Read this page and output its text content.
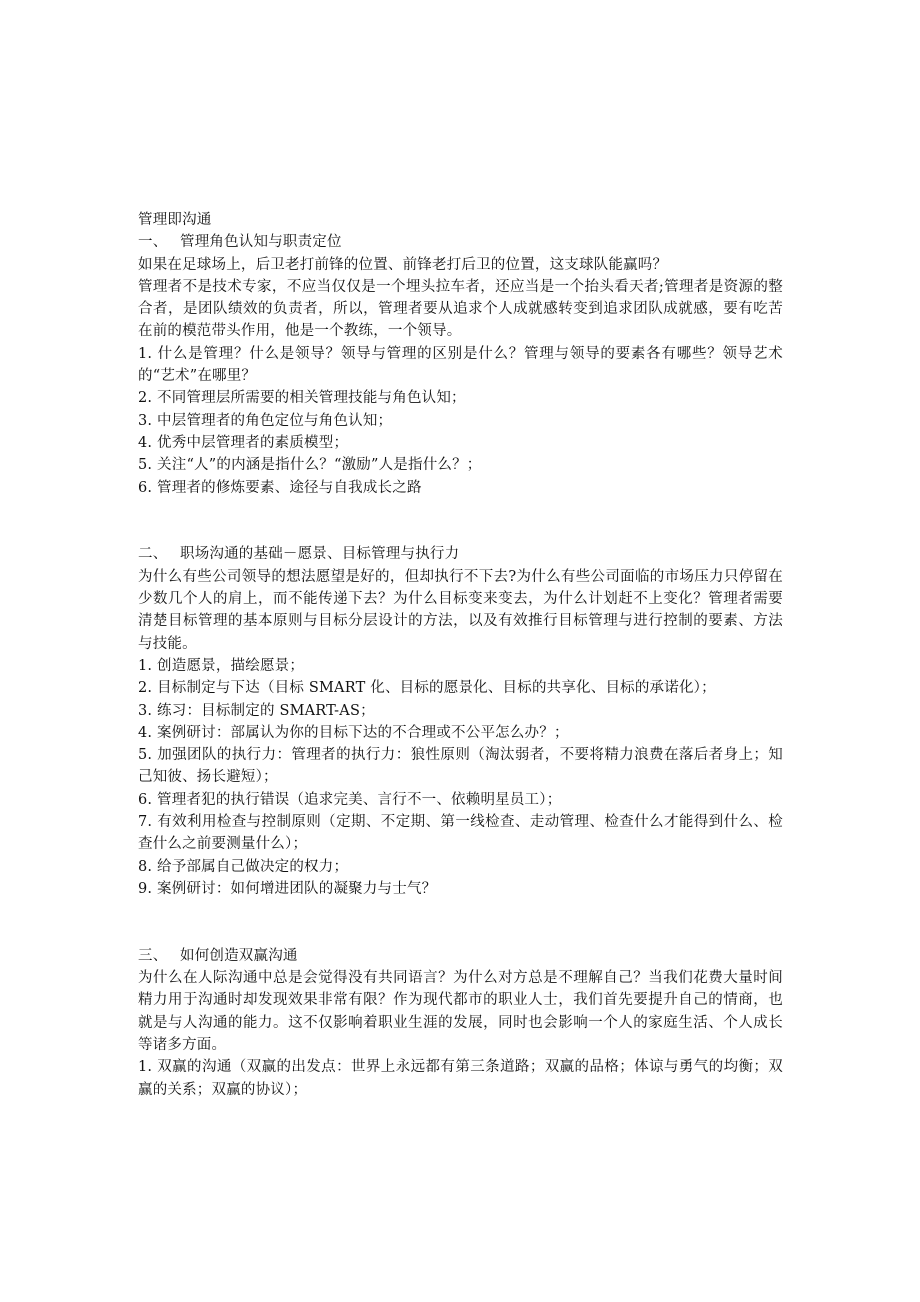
管理即沟通

一、 管理角色认知与职责定位

如果在足球场上，后卫老打前锋的位置、前锋老打后卫的位置，这支球队能赢吗？

管理者不是技术专家，不应当仅仅是一个埋头拉车者，还应当是一个抬头看天者;管理者是资源的整合者，是团队绩效的负责者，所以，管理者要从追求个人成就感转变到追求团队成就感，要有吃苦在前的模范带头作用，他是一个教练，一个领导。

1. 什么是管理？什么是领导？领导与管理的区别是什么？管理与领导的要素各有哪些？领导艺术的“艺术”在哪里？

2. 不同管理层所需要的相关管理技能与角色认知；

3. 中层管理者的角色定位与角色认知；

4. 优秀中层管理者的素质模型；

5. 关注“人”的内涵是指什么？“激励”人是指什么？；

6. 管理者的修炼要素、途径与自我成长之路

二、 职场沟通的基础－愿景、目标管理与执行力

为什么有些公司领导的想法愿望是好的，但却执行不下去?为什么有些公司面临的市场压力只停留在少数几个人的肩上，而不能传递下去？为什么目标变来变去，为什么计划赶不上变化？管理者需要清楚目标管理的基本原则与目标分层设计的方法，以及有效推行目标管理与进行控制的要素、方法与技能。

1. 创造愿景，描绘愿景；

2. 目标制定与下达（目标 SMART 化、目标的愿景化、目标的共享化、目标的承诺化）；

3. 练习：目标制定的 SMART-AS；

4. 案例研讨：部属认为你的目标下达的不合理或不公平怎么办？；

5. 加强团队的执行力：管理者的执行力：狼性原则（淘汰弱者，不要将精力浪费在落后者身上；知己知彼、扬长避短）；

6. 管理者犯的执行错误（追求完美、言行不一、依赖明星员工）；

7. 有效利用检查与控制原则（定期、不定期、第一线检查、走动管理、检查什么才能得到什么、检查什么之前要测量什么）；

8. 给予部属自己做决定的权力；

9. 案例研讨：如何增进团队的凝聚力与士气？

三、 如何创造双赢沟通

为什么在人际沟通中总是会觉得没有共同语言？为什么对方总是不理解自己？当我们花费大量时间精力用于沟通时却发现效果非常有限？作为现代都市的职业人士，我们首先要提升自己的情商，也就是与人沟通的能力。这不仅影响着职业生涯的发展，同时也会影响一个人的家庭生活、个人成长等诸多方面。

1. 双赢的沟通（双赢的出发点：世界上永远都有第三条道路；双赢的品格；体谅与勇气的均衡；双赢的关系；双赢的协议）；
